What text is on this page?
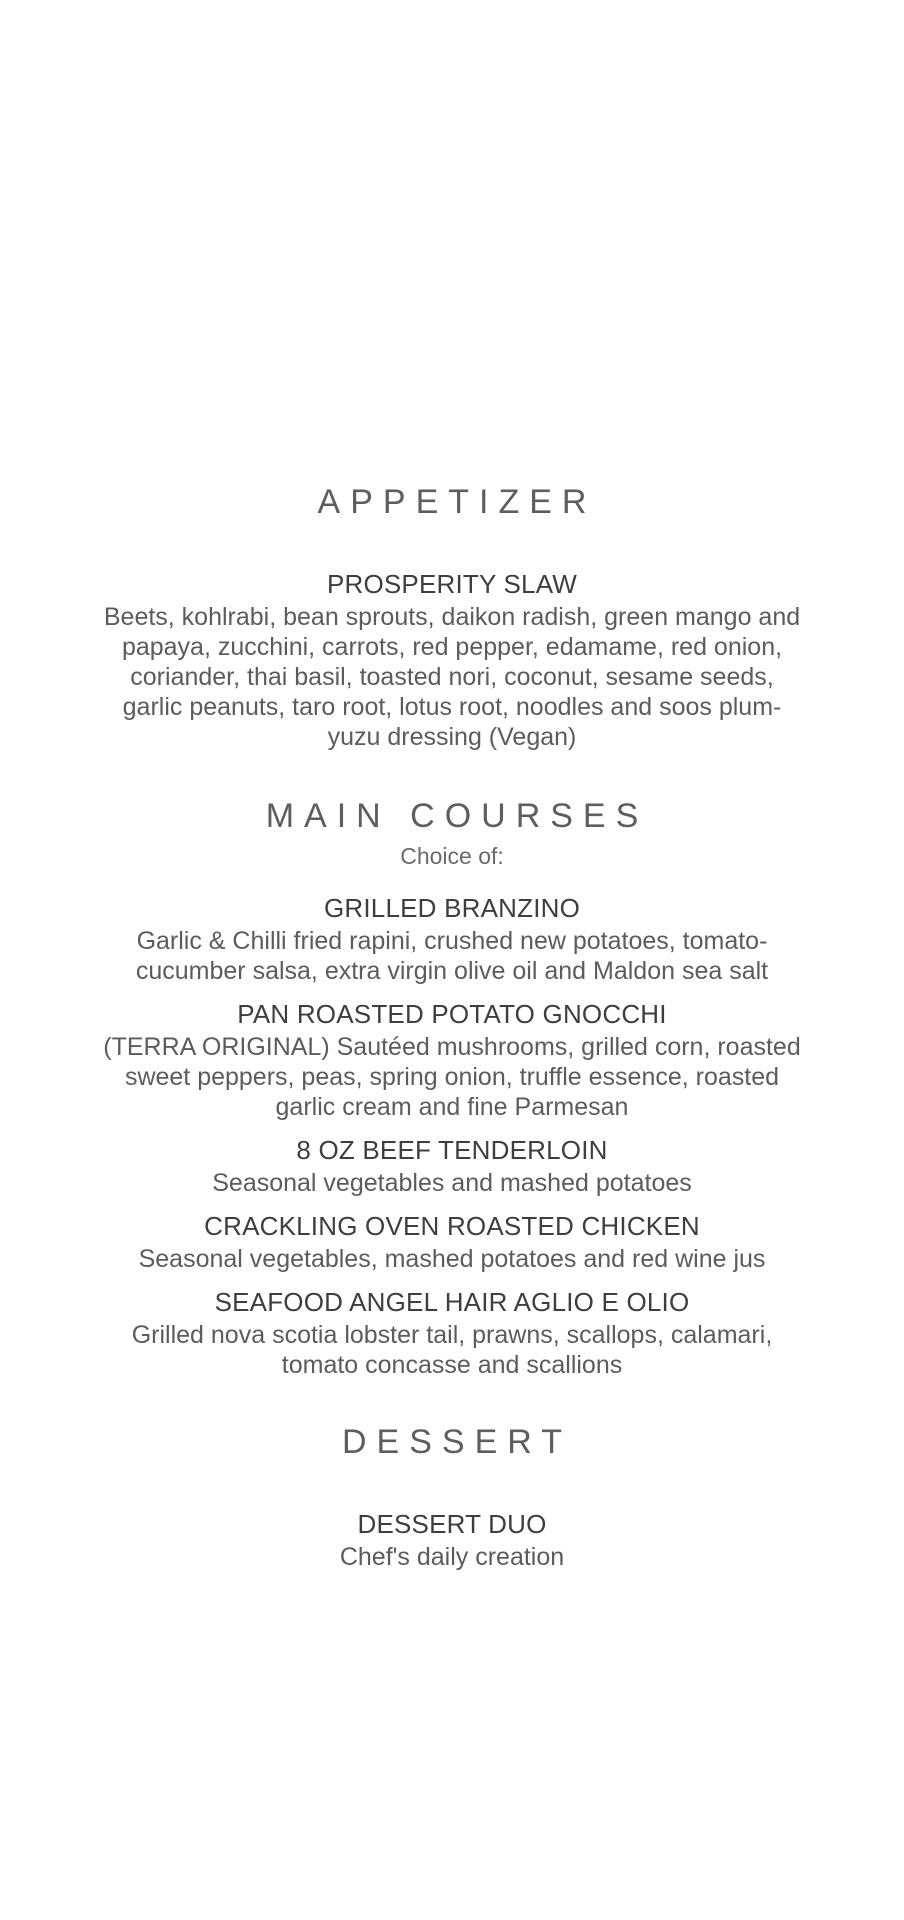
APPETIZER

PROSPERITY SLAW

Beets, kohlrabi, bean sprouts, daikon radish, green mango and papaya, zucchini, carrots, red pepper, edamame, red onion, coriander, thai basil, toasted nori, coconut, sesame seeds, garlic peanuts, taro root, lotus root, noodles and soos plum-yuzu dressing (Vegan)

MAIN COURSES

Choice of:

GRILLED BRANZINO

Garlic & Chilli fried rapini, crushed new potatoes, tomato-cucumber salsa, extra virgin olive oil and Maldon sea salt

PAN ROASTED POTATO GNOCCHI

(TERRA ORIGINAL) Sautéed mushrooms, grilled corn, roasted sweet peppers, peas, spring onion, truffle essence, roasted garlic cream and fine Parmesan

8 OZ BEEF TENDERLOIN

Seasonal vegetables and mashed potatoes

CRACKLING OVEN ROASTED CHICKEN

Seasonal vegetables, mashed potatoes and red wine jus

SEAFOOD ANGEL HAIR AGLIO E OLIO

Grilled nova scotia lobster tail, prawns, scallops, calamari, tomato concasse and scallions

DESSERT

DESSERT DUO

Chef's daily creation
